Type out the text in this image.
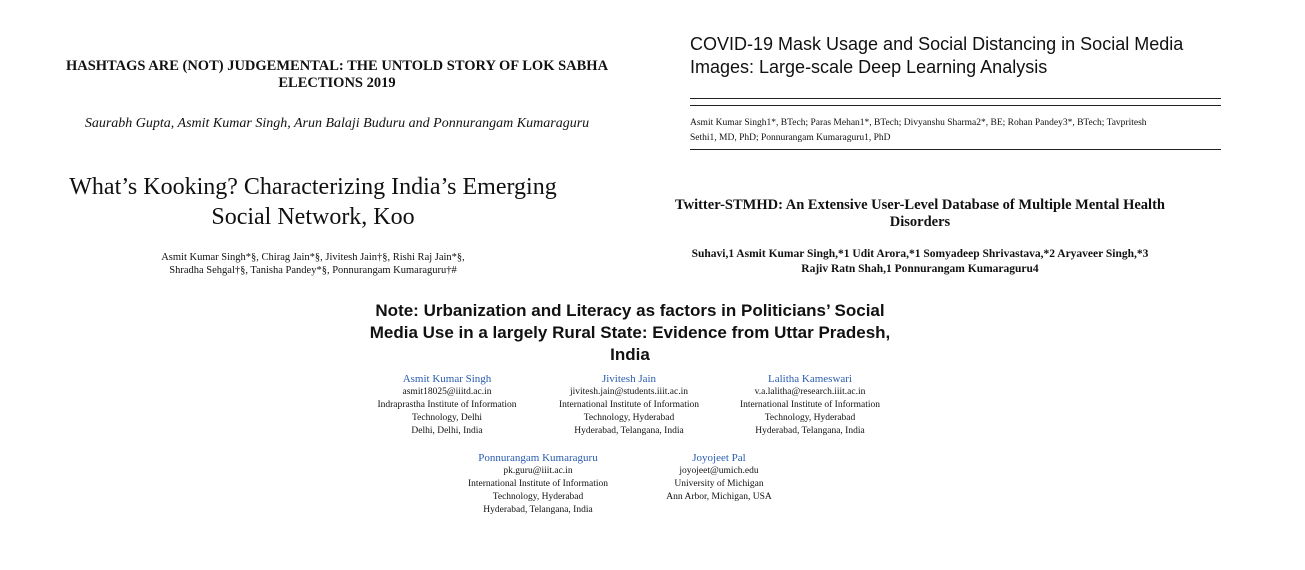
HASHTAGS ARE (NOT) JUDGEMENTAL: THE UNTOLD STORY OF LOK SABHA
ELECTIONS 2019
Saurabh Gupta, Asmit Kumar Singh, Arun Balaji Buduru and Ponnurangam Kumaraguru
COVID-19 Mask Usage and Social Distancing in Social Media
Images: Large-scale Deep Learning Analysis
Asmit Kumar Singh1*, BTech; Paras Mehan1*, BTech; Divyanshu Sharma2*, BE; Rohan Pandey3*, BTech; Tavpritesh
Sethi1, MD, PhD; Ponnurangam Kumaraguru1, PhD
What’s Kooking? Characterizing India’s Emerging
Social Network, Koo
Asmit Kumar Singh*§, Chirag Jain*§, Jivitesh Jain†§, Rishi Raj Jain*§,
Shradha Sehgal†§, Tanisha Pandey*§, Ponnurangam Kumaraguru†#
Twitter-STMHD: An Extensive User-Level Database of Multiple Mental Health
Disorders
Suhavi,1 Asmit Kumar Singh,*1 Udit Arora,*1 Somyadeep Shrivastava,*2 Aryaveer Singh,*3
Rajiv Ratn Shah,1 Ponnurangam Kumaraguru4
Note: Urbanization and Literacy as factors in Politicians’ Social
Media Use in a largely Rural State: Evidence from Uttar Pradesh,
India
Asmit Kumar Singh
asmit18025@iiitd.ac.in
Indraprastha Institute of Information
Technology, Delhi
Delhi, Delhi, India
Jivitesh Jain
jivitesh.jain@students.iiit.ac.in
International Institute of Information
Technology, Hyderabad
Hyderabad, Telangana, India
Lalitha Kameswari
v.a.lalitha@research.iiit.ac.in
International Institute of Information
Technology, Hyderabad
Hyderabad, Telangana, India
Ponnurangam Kumaraguru
pk.guru@iiit.ac.in
International Institute of Information
Technology, Hyderabad
Hyderabad, Telangana, India
Joyojeet Pal
joyojeet@umich.edu
University of Michigan
Ann Arbor, Michigan, USA
